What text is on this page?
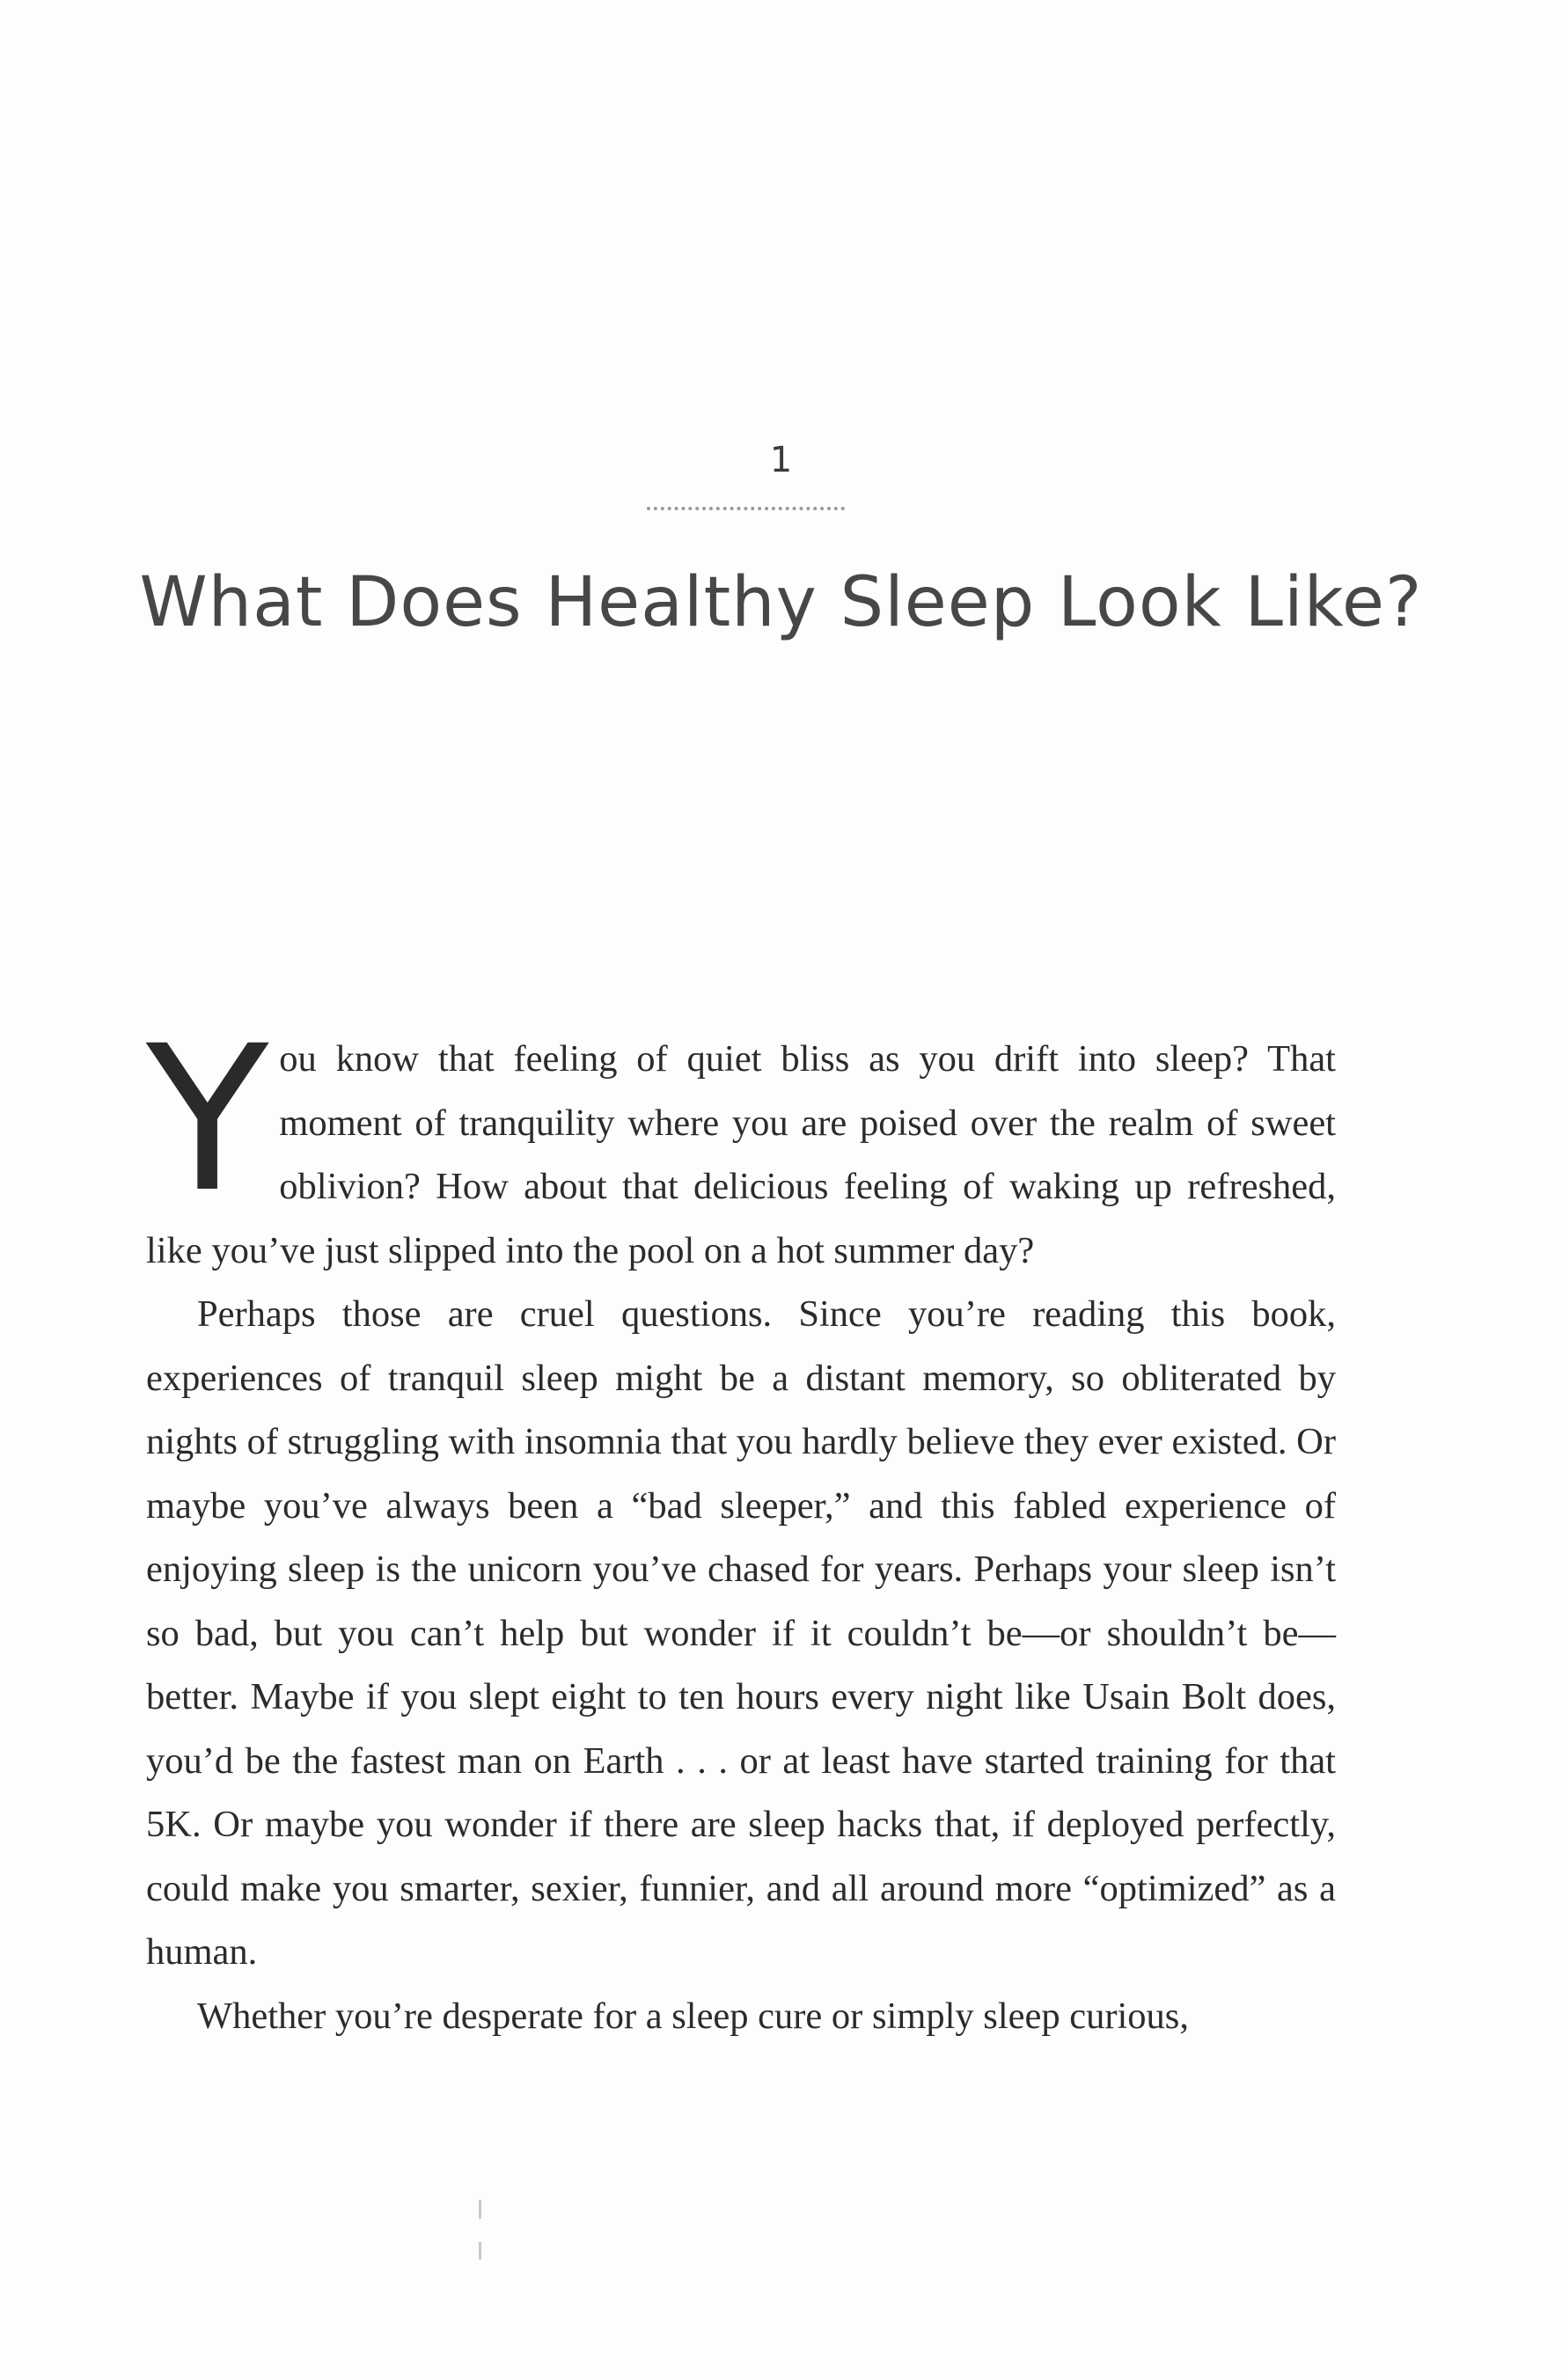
1
What Does Healthy Sleep Look Like?

You know that feeling of quiet bliss as you drift into sleep? That moment of tranquility where you are poised over the realm of sweet oblivion? How about that delicious feeling of waking up refreshed, like you’ve just slipped into the pool on a hot summer day?

Perhaps those are cruel questions. Since you’re reading this book, experiences of tranquil sleep might be a distant memory, so obliterated by nights of struggling with insomnia that you hardly believe they ever existed. Or maybe you’ve always been a “bad sleeper,” and this fabled experience of enjoying sleep is the unicorn you’ve chased for years. Perhaps your sleep isn’t so bad, but you can’t help but wonder if it couldn’t be—or shouldn’t be—better. Maybe if you slept eight to ten hours every night like Usain Bolt does, you’d be the fastest man on Earth . . . or at least have started training for that 5K. Or maybe you wonder if there are sleep hacks that, if deployed perfectly, could make you smarter, sexier, funnier, and all around more “optimized” as a human.

Whether you’re desperate for a sleep cure or simply sleep curious,
